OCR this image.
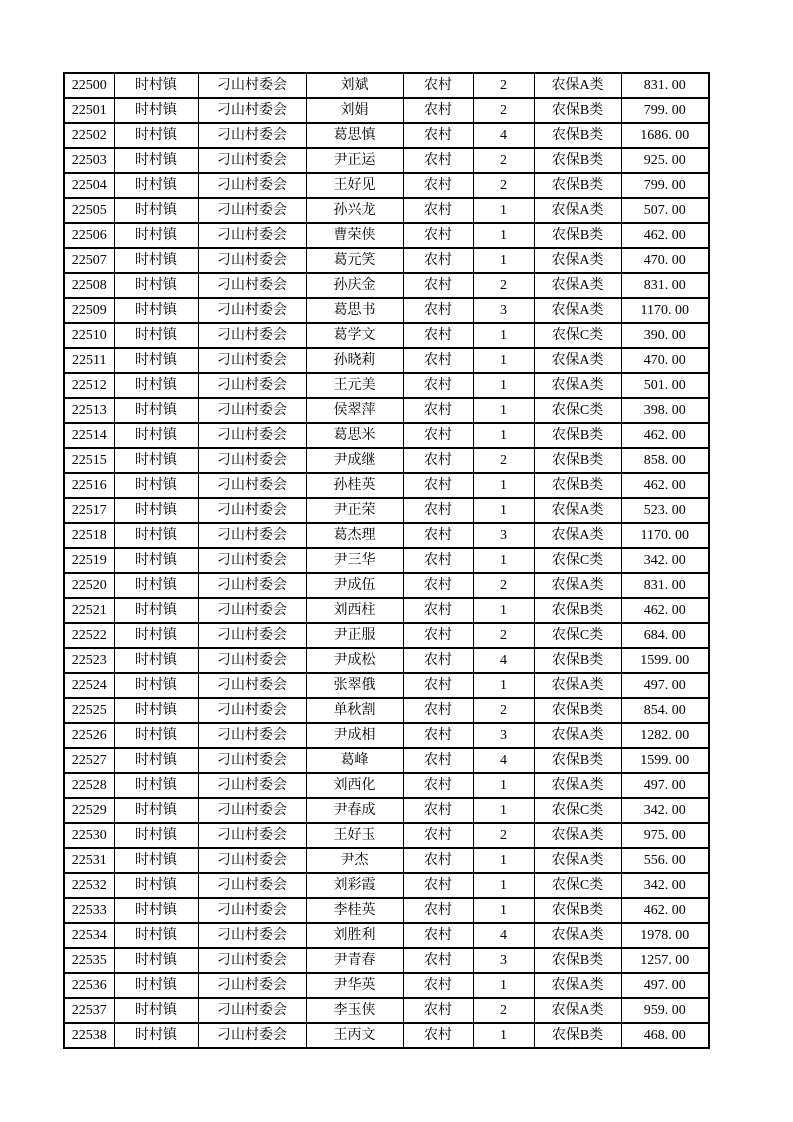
22500	时村镇	刁山村委会	刘斌	农村	2	农保A类	831. 00
22501	时村镇	刁山村委会	刘娟	农村	2	农保B类	799. 00
22502	时村镇	刁山村委会	葛思慎	农村	4	农保B类	1686. 00
22503	时村镇	刁山村委会	尹正运	农村	2	农保B类	925. 00
22504	时村镇	刁山村委会	王好见	农村	2	农保B类	799. 00
22505	时村镇	刁山村委会	孙兴龙	农村	1	农保A类	507. 00
22506	时村镇	刁山村委会	曹荣侠	农村	1	农保B类	462. 00
22507	时村镇	刁山村委会	葛元笑	农村	1	农保A类	470. 00
22508	时村镇	刁山村委会	孙庆金	农村	2	农保A类	831. 00
22509	时村镇	刁山村委会	葛思书	农村	3	农保A类	1170. 00
22510	时村镇	刁山村委会	葛学文	农村	1	农保C类	390. 00
22511	时村镇	刁山村委会	孙晓莉	农村	1	农保A类	470. 00
22512	时村镇	刁山村委会	王元美	农村	1	农保A类	501. 00
22513	时村镇	刁山村委会	侯翠萍	农村	1	农保C类	398. 00
22514	时村镇	刁山村委会	葛思米	农村	1	农保B类	462. 00
22515	时村镇	刁山村委会	尹成继	农村	2	农保B类	858. 00
22516	时村镇	刁山村委会	孙桂英	农村	1	农保B类	462. 00
22517	时村镇	刁山村委会	尹正荣	农村	1	农保A类	523. 00
22518	时村镇	刁山村委会	葛杰理	农村	3	农保A类	1170. 00
22519	时村镇	刁山村委会	尹三华	农村	1	农保C类	342. 00
22520	时村镇	刁山村委会	尹成伍	农村	2	农保A类	831. 00
22521	时村镇	刁山村委会	刘西柱	农村	1	农保B类	462. 00
22522	时村镇	刁山村委会	尹正服	农村	2	农保C类	684. 00
22523	时村镇	刁山村委会	尹成松	农村	4	农保B类	1599. 00
22524	时村镇	刁山村委会	张翠俄	农村	1	农保A类	497. 00
22525	时村镇	刁山村委会	单秋割	农村	2	农保B类	854. 00
22526	时村镇	刁山村委会	尹成相	农村	3	农保A类	1282. 00
22527	时村镇	刁山村委会	葛峰	农村	4	农保B类	1599. 00
22528	时村镇	刁山村委会	刘西化	农村	1	农保A类	497. 00
22529	时村镇	刁山村委会	尹春成	农村	1	农保C类	342. 00
22530	时村镇	刁山村委会	王好玉	农村	2	农保A类	975. 00
22531	时村镇	刁山村委会	尹杰	农村	1	农保A类	556. 00
22532	时村镇	刁山村委会	刘彩霞	农村	1	农保C类	342. 00
22533	时村镇	刁山村委会	李桂英	农村	1	农保B类	462. 00
22534	时村镇	刁山村委会	刘胜利	农村	4	农保A类	1978. 00
22535	时村镇	刁山村委会	尹青春	农村	3	农保B类	1257. 00
22536	时村镇	刁山村委会	尹华英	农村	1	农保A类	497. 00
22537	时村镇	刁山村委会	李玉侠	农村	2	农保A类	959. 00
22538	时村镇	刁山村委会	王丙文	农村	1	农保B类	468. 00
